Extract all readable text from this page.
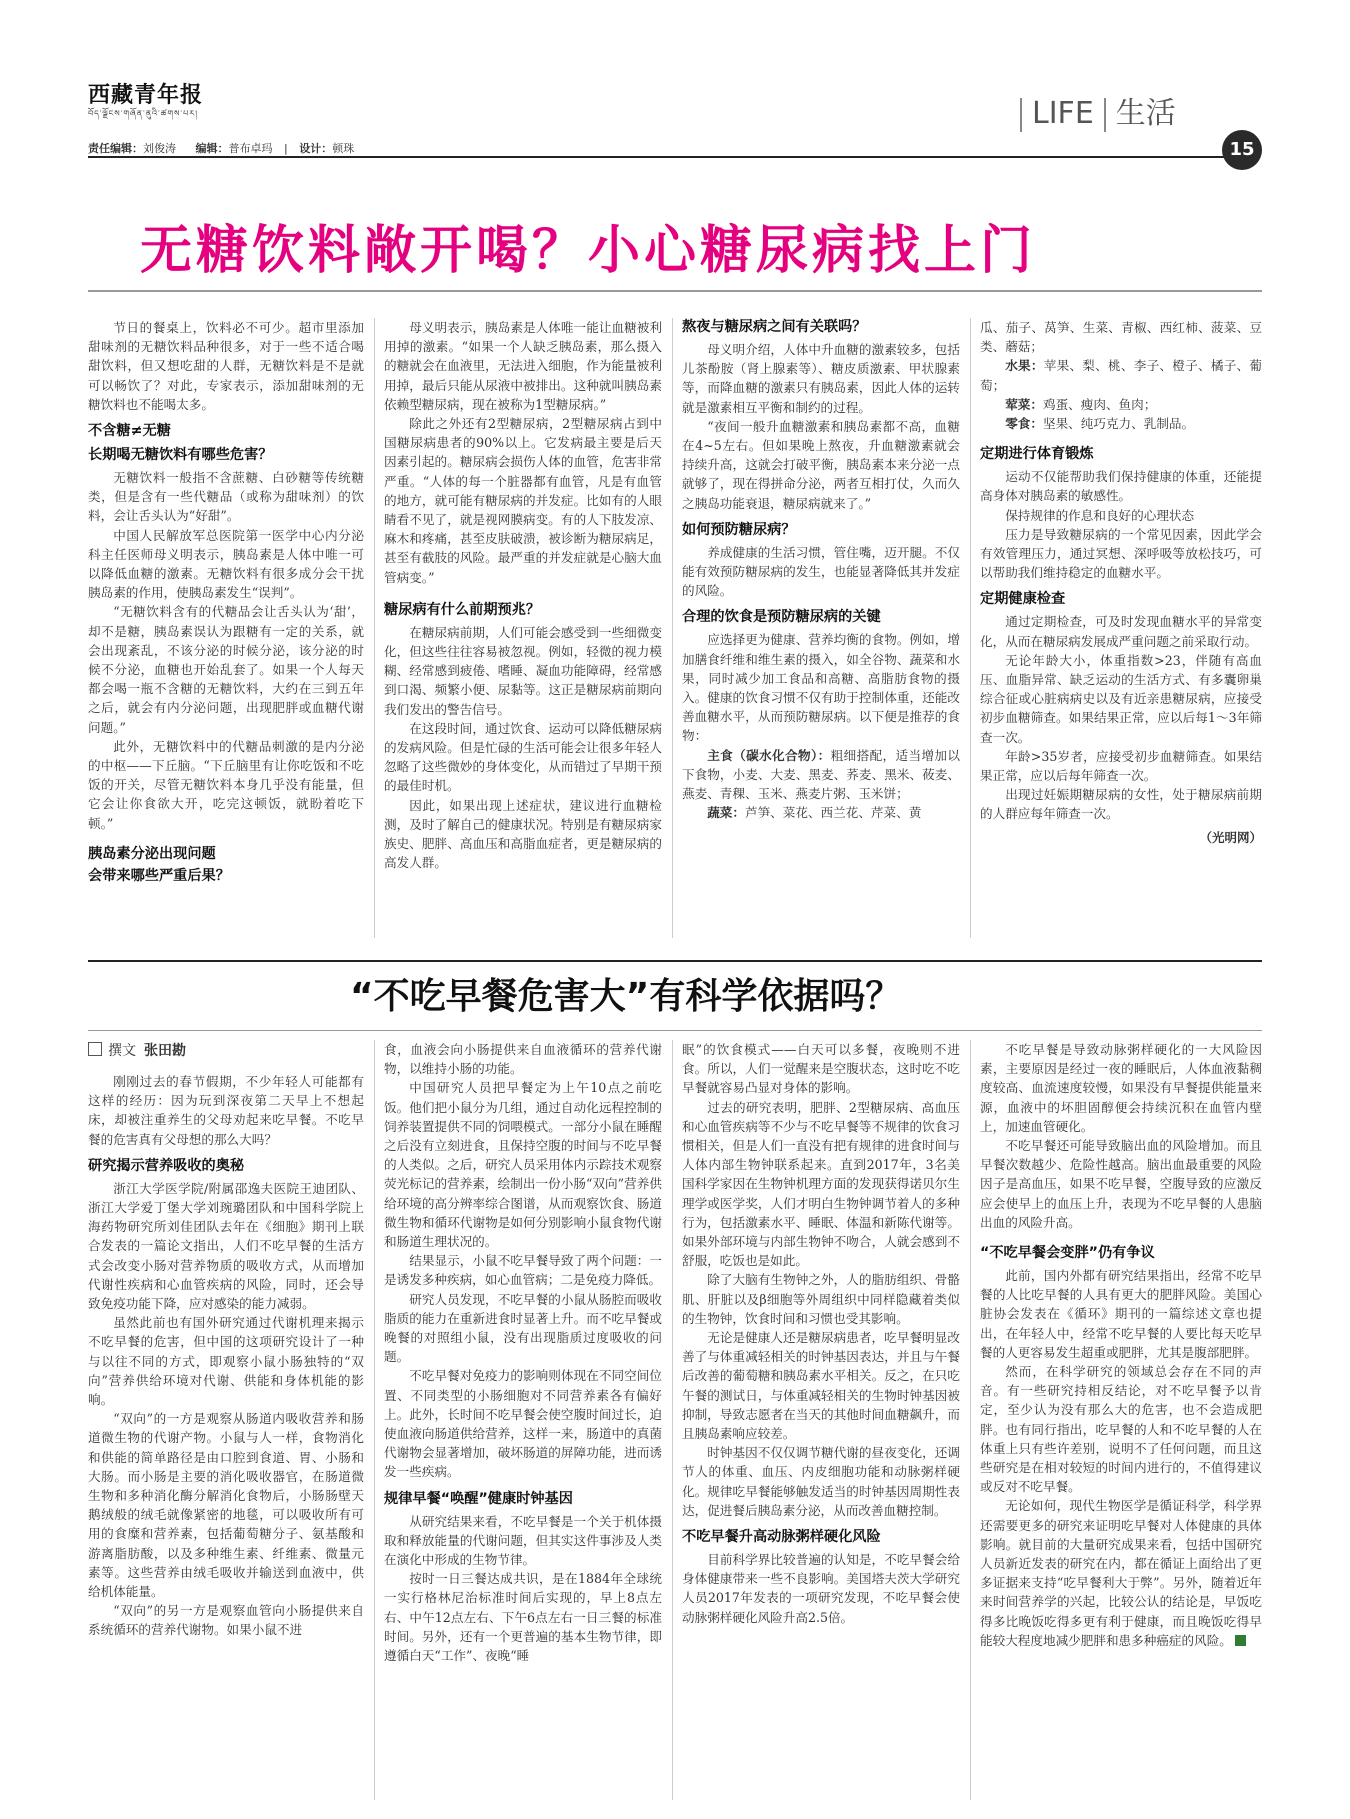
西藏青年报
བོད་ལྗོངས་གཞོན་ནུའི་ཚགས་པར།
责任编辑：刘俊涛 编辑：普布卓玛 | 设计：顿珠
LIFE 生活
15
无糖饮料敞开喝？小心糖尿病找上门

节日的餐桌上，饮料必不可少。超市里添加甜味剂的无糖饮料品种很多，对于一些不适合喝甜饮料，但又想吃甜的人群，无糖饮料是不是就可以畅饮了？对此，专家表示，添加甜味剂的无糖饮料也不能喝太多。

不含糖≠无糖
长期喝无糖饮料有哪些危害？

无糖饮料一般指不含蔗糖、白砂糖等传统糖类，但是含有一些代糖品（或称为甜味剂）的饮料，会让舌头认为“好甜”。

中国人民解放军总医院第一医学中心内分泌科主任医师母义明表示，胰岛素是人体中唯一可以降低血糖的激素。无糖饮料有很多成分会干扰胰岛素的作用，使胰岛素发生“误判”。

“无糖饮料含有的代糖品会让舌头认为‘甜’，却不是糖，胰岛素误认为跟糖有一定的关系，就会出现紊乱，不该分泌的时候分泌，该分泌的时候不分泌，血糖也开始乱套了。如果一个人每天都会喝一瓶不含糖的无糖饮料，大约在三到五年之后，就会有内分泌问题，出现肥胖或血糖代谢问题。”

此外，无糖饮料中的代糖品刺激的是内分泌的中枢——下丘脑。“下丘脑里有让你吃饭和不吃饭的开关，尽管无糖饮料本身几乎没有能量，但它会让你食欲大开，吃完这顿饭，就盼着吃下顿。”

胰岛素分泌出现问题
会带来哪些严重后果？

母义明表示，胰岛素是人体唯一能让血糖被利用掉的激素。“如果一个人缺乏胰岛素，那么摄入的糖就会在血液里，无法进入细胞，作为能量被利用掉，最后只能从尿液中被排出。这种就叫胰岛素依赖型糖尿病，现在被称为1型糖尿病。”

除此之外还有2型糖尿病，2型糖尿病占到中国糖尿病患者的90%以上。它发病最主要是后天因素引起的。糖尿病会损伤人体的血管，危害非常严重。“人体的每一个脏器都有血管，凡是有血管的地方，就可能有糖尿病的并发症。比如有的人眼睛看不见了，就是视网膜病变。有的人下肢发凉、麻木和疼痛，甚至皮肤破溃，被诊断为糖尿病足，甚至有截肢的风险。最严重的并发症就是心脑大血管病变。”

糖尿病有什么前期预兆？

在糖尿病前期，人们可能会感受到一些细微变化，但这些往往容易被忽视。例如，轻微的视力模糊、经常感到疲倦、嗜睡、凝血功能障碍，经常感到口渴、频繁小便、尿黏等。这正是糖尿病前期向我们发出的警告信号。

在这段时间，通过饮食、运动可以降低糖尿病的发病风险。但是忙碌的生活可能会让很多年轻人忽略了这些微妙的身体变化，从而错过了早期干预的最佳时机。

因此，如果出现上述症状，建议进行血糖检测，及时了解自己的健康状况。特别是有糖尿病家族史、肥胖、高血压和高脂血症者，更是糖尿病的高发人群。

熬夜与糖尿病之间有关联吗？

母义明介绍，人体中升血糖的激素较多，包括儿茶酚胺（肾上腺素等）、糖皮质激素、甲状腺素等，而降血糖的激素只有胰岛素，因此人体的运转就是激素相互平衡和制约的过程。

“夜间一般升血糖激素和胰岛素都不高，血糖在4~5左右。但如果晚上熬夜，升血糖激素就会持续升高，这就会打破平衡，胰岛素本来分泌一点就够了，现在得拼命分泌，两者互相打仗，久而久之胰岛功能衰退，糖尿病就来了。”

如何预防糖尿病？

养成健康的生活习惯，管住嘴，迈开腿。不仅能有效预防糖尿病的发生，也能显著降低其并发症的风险。

合理的饮食是预防糖尿病的关键

应选择更为健康、营养均衡的食物。例如，增加膳食纤维和维生素的摄入，如全谷物、蔬菜和水果，同时减少加工食品和高糖、高脂肪食物的摄入。健康的饮食习惯不仅有助于控制体重，还能改善血糖水平，从而预防糖尿病。以下便是推荐的食物：

主食（碳水化合物）：粗细搭配，适当增加以下食物，小麦、大麦、黑麦、荞麦、黑米、莜麦、燕麦、青稞、玉米、燕麦片粥、玉米饼；

蔬菜：芦笋、菜花、西兰花、芹菜、黄

瓜、茄子、莴笋、生菜、青椒、西红柿、菠菜、豆类、蘑菇；

水果：苹果、梨、桃、李子、橙子、橘子、葡萄；

荤菜：鸡蛋、瘦肉、鱼肉；

零食：坚果、纯巧克力、乳制品。

定期进行体育锻炼

运动不仅能帮助我们保持健康的体重，还能提高身体对胰岛素的敏感性。

保持规律的作息和良好的心理状态

压力是导致糖尿病的一个常见因素，因此学会有效管理压力，通过冥想、深呼吸等放松技巧，可以帮助我们维持稳定的血糖水平。

定期健康检查

通过定期检查，可及时发现血糖水平的异常变化，从而在糖尿病发展成严重问题之前采取行动。

无论年龄大小，体重指数>23，伴随有高血压、血脂异常、缺乏运动的生活方式、有多囊卵巢综合征或心脏病病史以及有近亲患糖尿病，应接受初步血糖筛查。如果结果正常，应以后每1～3年筛查一次。

年龄>35岁者，应接受初步血糖筛查。如果结果正常，应以后每年筛查一次。

出现过妊娠期糖尿病的女性，处于糖尿病前期的人群应每年筛查一次。

（光明网）
“不吃早餐危害大”有科学依据吗？
撰文 张田勘

刚刚过去的春节假期，不少年轻人可能都有这样的经历：因为玩到深夜第二天早上不想起床，却被注重养生的父母劝起来吃早餐。不吃早餐的危害真有父母想的那么大吗？

研究揭示营养吸收的奥秘

浙江大学医学院/附属邵逸夫医院王迪团队、浙江大学爱丁堡大学刘琬璐团队和中国科学院上海药物研究所刘佳团队去年在《细胞》期刊上联合发表的一篇论文指出，人们不吃早餐的生活方式会改变小肠对营养物质的吸收方式，从而增加代谢性疾病和心血管疾病的风险，同时，还会导致免疫功能下降，应对感染的能力减弱。

虽然此前也有国外研究通过代谢机理来揭示不吃早餐的危害，但中国的这项研究设计了一种与以往不同的方式，即观察小鼠小肠独特的“双向”营养供给环境对代谢、供能和身体机能的影响。

“双向”的一方是观察从肠道内吸收营养和肠道微生物的代谢产物。小鼠与人一样，食物消化和供能的简单路径是由口腔到食道、胃、小肠和大肠。而小肠是主要的消化吸收器官，在肠道微生物和多种消化酶分解消化食物后，小肠肠壁天鹅绒般的绒毛就像紧密的地毯，可以吸收所有可用的食糜和营养素，包括葡萄糖分子、氨基酸和游离脂肪酸，以及多种维生素、纤维素、微量元素等。这些营养由绒毛吸收并输送到血液中，供给机体能量。

“双向”的另一方是观察血管向小肠提供来自系统循环的营养代谢物。如果小鼠不进

食，血液会向小肠提供来自血液循环的营养代谢物，以维持小肠的功能。

中国研究人员把早餐定为上午10点之前吃饭。他们把小鼠分为几组，通过自动化远程控制的饲养装置提供不同的饲喂模式。一部分小鼠在睡醒之后没有立刻进食，且保持空腹的时间与不吃早餐的人类似。之后，研究人员采用体内示踪技术观察荧光标记的营养素，绘制出一份小肠“双向”营养供给环境的高分辨率综合图谱，从而观察饮食、肠道微生物和循环代谢物是如何分别影响小鼠食物代谢和肠道生理状况的。

结果显示，小鼠不吃早餐导致了两个问题：一是诱发多种疾病，如心血管病；二是免疫力降低。

研究人员发现，不吃早餐的小鼠从肠腔而吸收脂质的能力在重新进食时显著上升。而不吃早餐或晚餐的对照组小鼠，没有出现脂质过度吸收的问题。

不吃早餐对免疫力的影响则体现在不同空间位置、不同类型的小肠细胞对不同营养素各有偏好上。此外，长时间不吃早餐会使空腹时间过长，迫使血液向肠道供给营养，这样一来，肠道中的真菌代谢物会显著增加，破坏肠道的屏障功能，进而诱发一些疾病。

规律早餐“唤醒”健康时钟基因

从研究结果来看，不吃早餐是一个关于机体摄取和释放能量的代谢问题，但其实这件事涉及人类在演化中形成的生物节律。

按时一日三餐达成共识，是在1884年全球统一实行格林尼治标准时间后实现的，早上8点左右、中午12点左右、下午6点左右一日三餐的标准时间。另外，还有一个更普遍的基本生物节律，即遵循白天“工作”、夜晚“睡

眠”的饮食模式——白天可以多餐，夜晚则不进食。所以，人们一觉醒来是空腹状态，这时吃不吃早餐就容易凸显对身体的影响。

过去的研究表明，肥胖、2型糖尿病、高血压和心血管疾病等不少与不吃早餐等不规律的饮食习惯相关，但是人们一直没有把有规律的进食时间与人体内部生物钟联系起来。直到2017年，3名美国科学家因在生物钟机理方面的发现获得诺贝尔生理学或医学奖，人们才明白生物钟调节着人的多种行为，包括激素水平、睡眠、体温和新陈代谢等。如果外部环境与内部生物钟不吻合，人就会感到不舒服，吃饭也是如此。

除了大脑有生物钟之外，人的脂肪组织、骨骼肌、肝脏以及β细胞等外周组织中同样隐藏着类似的生物钟，饮食时间和习惯也受其影响。

无论是健康人还是糖尿病患者，吃早餐明显改善了与体重减轻相关的时钟基因表达，并且与午餐后改善的葡萄糖和胰岛素水平相关。反之，在只吃午餐的测试日，与体重减轻相关的生物时钟基因被抑制，导致志愿者在当天的其他时间血糖飙升，而且胰岛素响应较差。

时钟基因不仅仅调节糖代谢的昼夜变化，还调节人的体重、血压、内皮细胞功能和动脉粥样硬化。规律吃早餐能够触发适当的时钟基因周期性表达，促进餐后胰岛素分泌，从而改善血糖控制。

不吃早餐升高动脉粥样硬化风险

目前科学界比较普遍的认知是，不吃早餐会给身体健康带来一些不良影响。美国塔夫茨大学研究人员2017年发表的一项研究发现，不吃早餐会使动脉粥样硬化风险升高2.5倍。

不吃早餐是导致动脉粥样硬化的一大风险因素，主要原因是经过一夜的睡眠后，人体血液黏稠度较高、血流速度较慢，如果没有早餐提供能量来源，血液中的坏胆固醇便会持续沉积在血管内壁上，加速血管硬化。

不吃早餐还可能导致脑出血的风险增加。而且早餐次数越少、危险性越高。脑出血最重要的风险因子是高血压，如果不吃早餐，空腹导致的应激反应会使早上的血压上升，表现为不吃早餐的人患脑出血的风险升高。

“不吃早餐会变胖”仍有争议

此前，国内外都有研究结果指出，经常不吃早餐的人比吃早餐的人具有更大的肥胖风险。美国心脏协会发表在《循环》期刊的一篇综述文章也提出，在年轻人中，经常不吃早餐的人要比每天吃早餐的人更容易发生超重或肥胖，尤其是腹部肥胖。

然而，在科学研究的领域总会存在不同的声音。有一些研究持相反结论，对不吃早餐予以肯定，至少认为没有那么大的危害，也不会造成肥胖。也有同行指出，吃早餐的人和不吃早餐的人在体重上只有些许差别，说明不了任何问题，而且这些研究是在相对较短的时间内进行的，不值得建议或反对不吃早餐。

无论如何，现代生物医学是循证科学，科学界还需要更多的研究来证明吃早餐对人体健康的具体影响。就目前的大量研究成果来看，包括中国研究人员新近发表的研究在内，都在循证上面给出了更多证据来支持“吃早餐利大于弊”。另外，随着近年来时间营养学的兴起，比较公认的结论是，早饭吃得多比晚饭吃得多更有利于健康，而且晚饭吃得早能较大程度地减少肥胖和患多种癌症的风险。
